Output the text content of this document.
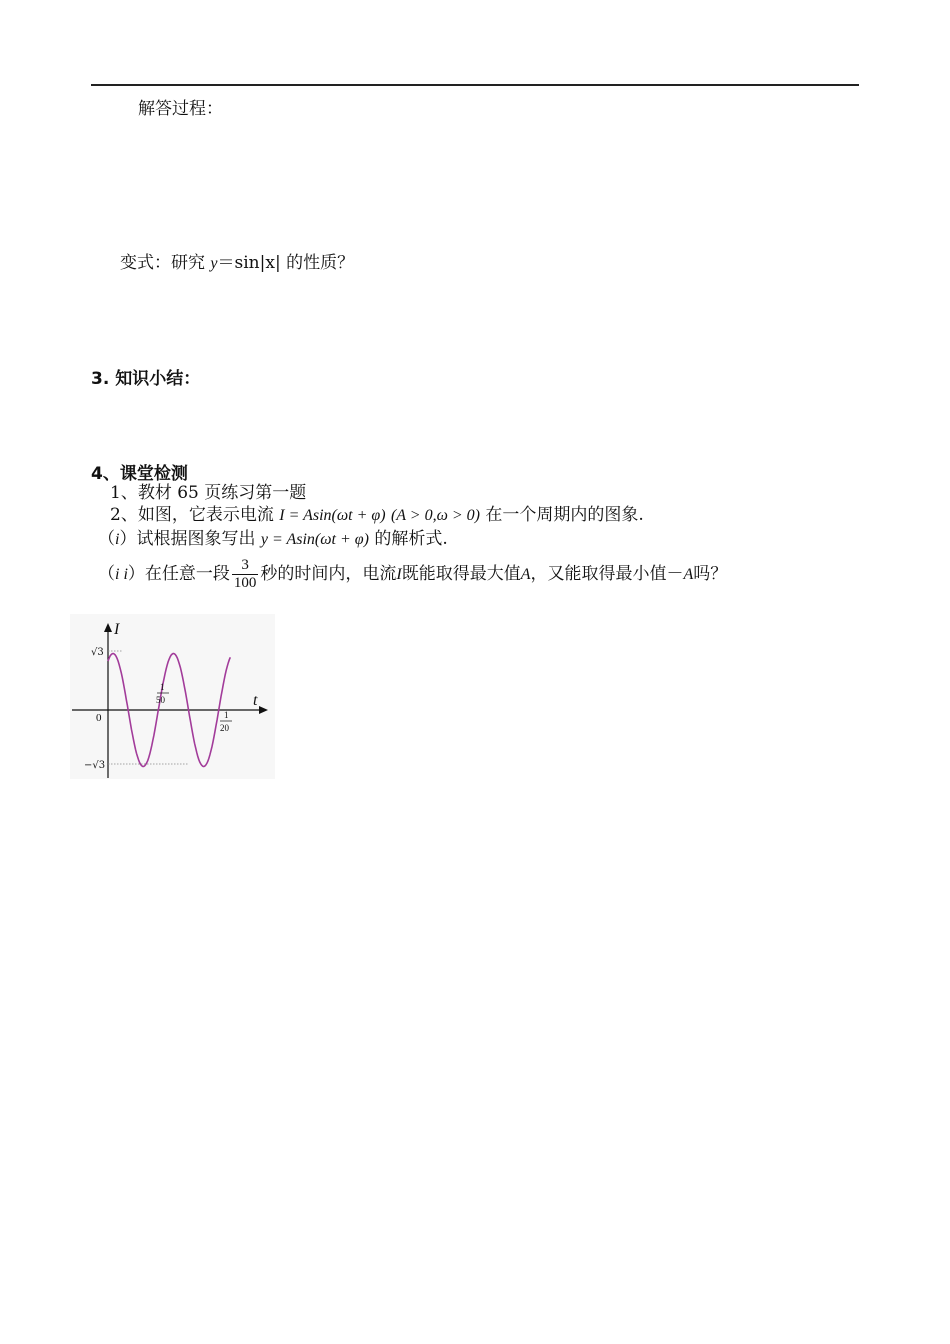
解答过程：
变式：研究 y＝sin|x| 的性质？
3. 知识小结：
4、课堂检测
1、教材 65 页练习第一题
2、如图，它表示电流 I = Asin(ωt + φ) (A > 0,ω > 0) 在一个周期内的图象.
（i）试根据图象写出 y = Asin(ωt + φ) 的解析式.
（i i）在任意一段 $\frac{3}{100}$ 秒的时间内，电流I既能取得最大值A，又能取得最小值－A吗？
I
t
0
√3
−√3
1
50
1
20
